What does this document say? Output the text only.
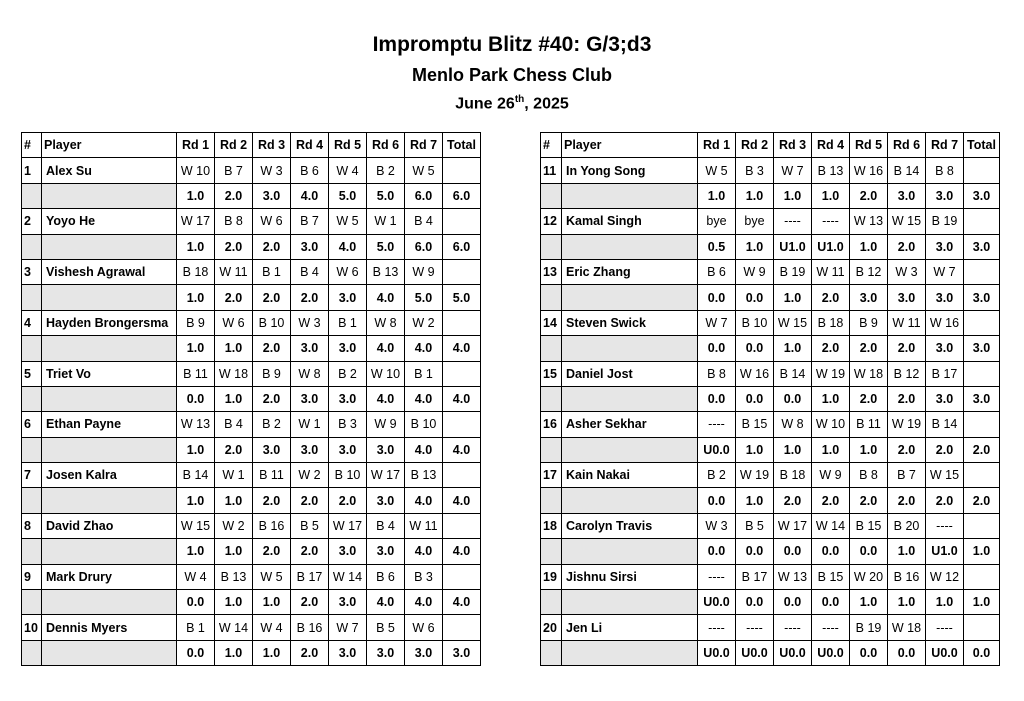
Impromptu Blitz #40: G/3;d3
Menlo Park Chess Club
June 26th, 2025
#	Player	Rd 1	Rd 2	Rd 3	Rd 4	Rd 5	Rd 6	Rd 7	Total
1	Alex Su	W 10	B 7	W 3	B 6	W 4	B 2	W 5	
		1.0	2.0	3.0	4.0	5.0	5.0	6.0	6.0
2	Yoyo He	W 17	B 8	W 6	B 7	W 5	W 1	B 4	
		1.0	2.0	2.0	3.0	4.0	5.0	6.0	6.0
3	Vishesh Agrawal	B 18	W 11	B 1	B 4	W 6	B 13	W 9	
		1.0	2.0	2.0	2.0	3.0	4.0	5.0	5.0
4	Hayden Brongersma	B 9	W 6	B 10	W 3	B 1	W 8	W 2	
		1.0	1.0	2.0	3.0	3.0	4.0	4.0	4.0
5	Triet Vo	B 11	W 18	B 9	W 8	B 2	W 10	B 1	
		0.0	1.0	2.0	3.0	3.0	4.0	4.0	4.0
6	Ethan Payne	W 13	B 4	B 2	W 1	B 3	W 9	B 10	
		1.0	2.0	3.0	3.0	3.0	3.0	4.0	4.0
7	Josen Kalra	B 14	W 1	B 11	W 2	B 10	W 17	B 13	
		1.0	1.0	2.0	2.0	2.0	3.0	4.0	4.0
8	David Zhao	W 15	W 2	B 16	B 5	W 17	B 4	W 11	
		1.0	1.0	2.0	2.0	3.0	3.0	4.0	4.0
9	Mark Drury	W 4	B 13	W 5	B 17	W 14	B 6	B 3	
		0.0	1.0	1.0	2.0	3.0	4.0	4.0	4.0
10	Dennis Myers	B 1	W 14	W 4	B 16	W 7	B 5	W 6	
		0.0	1.0	1.0	2.0	3.0	3.0	3.0	3.0
#	Player	Rd 1	Rd 2	Rd 3	Rd 4	Rd 5	Rd 6	Rd 7	Total
11	In Yong Song	W 5	B 3	W 7	B 13	W 16	B 14	B 8	
		1.0	1.0	1.0	1.0	2.0	3.0	3.0	3.0
12	Kamal Singh	bye	bye	----	----	W 13	W 15	B 19	
		0.5	1.0	U1.0	U1.0	1.0	2.0	3.0	3.0
13	Eric Zhang	B 6	W 9	B 19	W 11	B 12	W 3	W 7	
		0.0	0.0	1.0	2.0	3.0	3.0	3.0	3.0
14	Steven Swick	W 7	B 10	W 15	B 18	B 9	W 11	W 16	
		0.0	0.0	1.0	2.0	2.0	2.0	3.0	3.0
15	Daniel Jost	B 8	W 16	B 14	W 19	W 18	B 12	B 17	
		0.0	0.0	0.0	1.0	2.0	2.0	3.0	3.0
16	Asher Sekhar	----	B 15	W 8	W 10	B 11	W 19	B 14	
		U0.0	1.0	1.0	1.0	1.0	2.0	2.0	2.0
17	Kain Nakai	B 2	W 19	B 18	W 9	B 8	B 7	W 15	
		0.0	1.0	2.0	2.0	2.0	2.0	2.0	2.0
18	Carolyn Travis	W 3	B 5	W 17	W 14	B 15	B 20	----	
		0.0	0.0	0.0	0.0	0.0	1.0	U1.0	1.0
19	Jishnu Sirsi	----	B 17	W 13	B 15	W 20	B 16	W 12	
		U0.0	0.0	0.0	0.0	1.0	1.0	1.0	1.0
20	Jen Li	----	----	----	----	B 19	W 18	----	
		U0.0	U0.0	U0.0	U0.0	0.0	0.0	U0.0	0.0
